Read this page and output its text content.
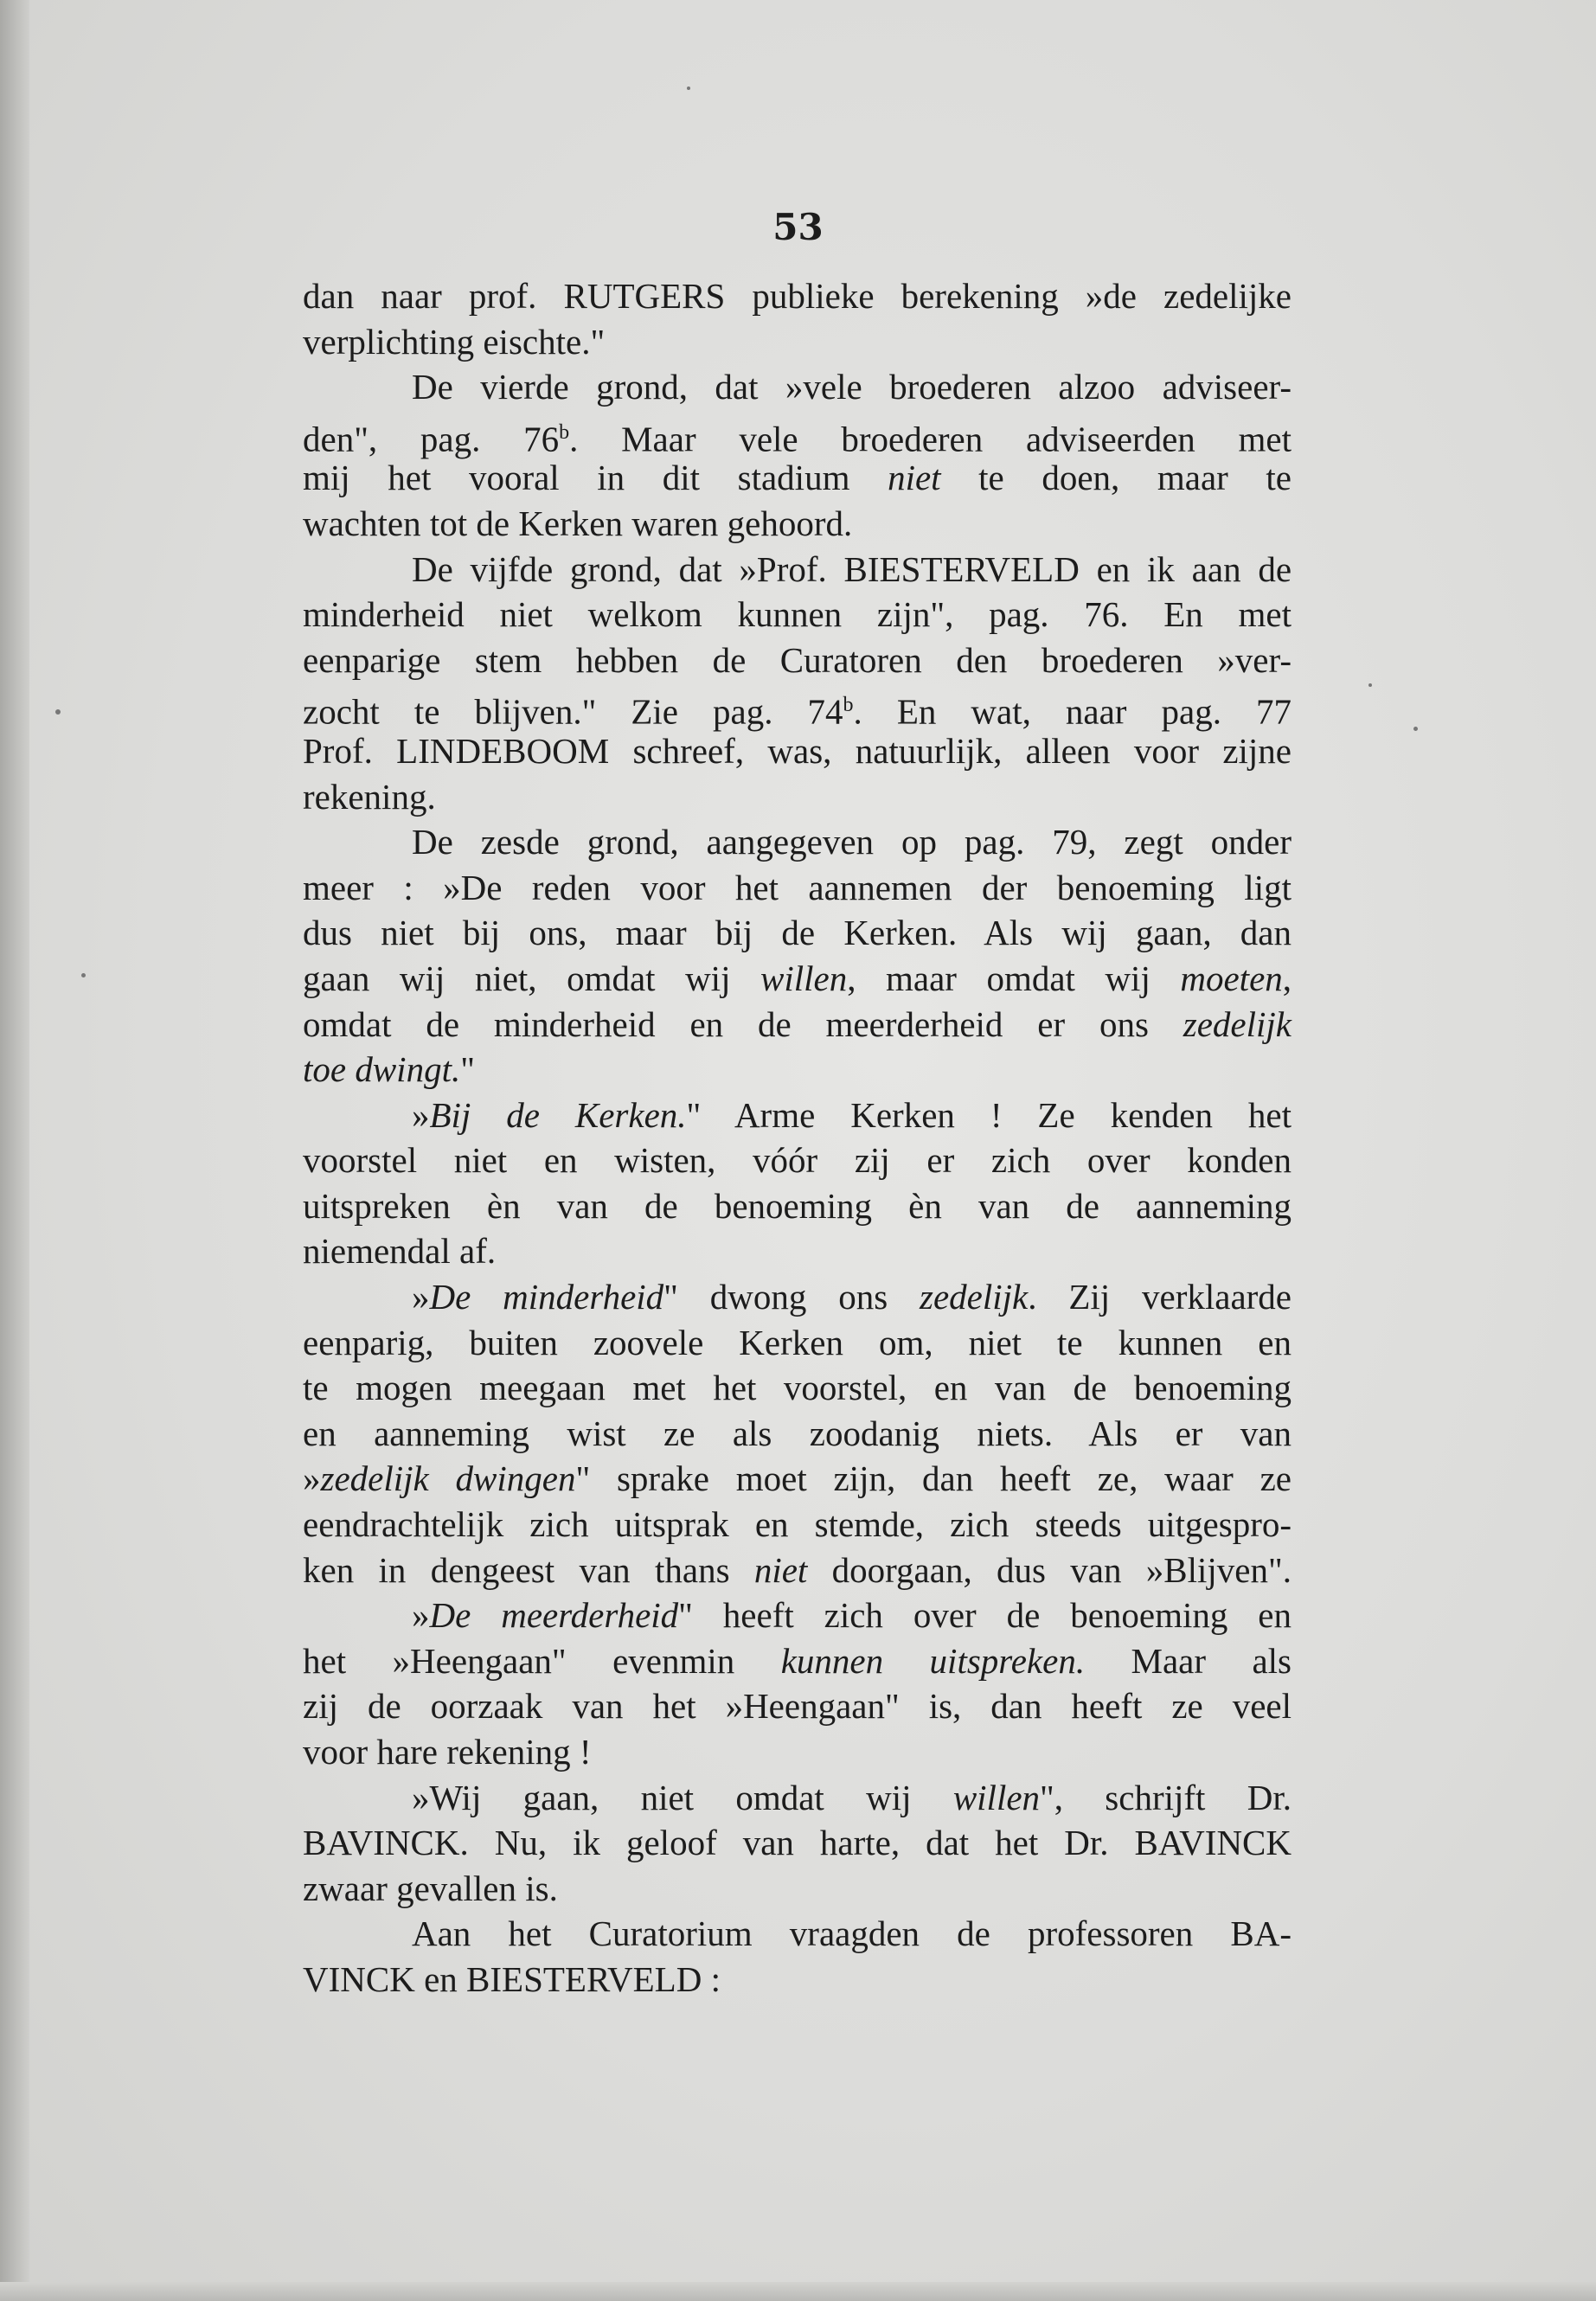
53
dan naar prof. RUTGERS publieke berekening »de zedelijke
verplichting eischte."
De vierde grond, dat »vele broederen alzoo adviseer-
den", pag. 76$^b$. Maar vele broederen adviseerden met
mij het vooral in dit stadium niet te doen, maar te
wachten tot de Kerken waren gehoord.
De vijfde grond, dat »Prof. BIESTERVELD en ik aan de
minderheid niet welkom kunnen zijn", pag. 76. En met
eenparige stem hebben de Curatoren den broederen »ver-
zocht te blijven." Zie pag. 74$^b$. En wat, naar pag. 77
Prof. LINDEBOOM schreef, was, natuurlijk, alleen voor zijne
rekening.
De zesde grond, aangegeven op pag. 79, zegt onder
meer : »De reden voor het aannemen der benoeming ligt
dus niet bij ons, maar bij de Kerken. Als wij gaan, dan
gaan wij niet, omdat wij willen, maar omdat wij moeten,
omdat de minderheid en de meerderheid er ons zedelijk
toe dwingt."
»Bij de Kerken." Arme Kerken ! Ze kenden het
voorstel niet en wisten, vóór zij er zich over konden
uitspreken èn van de benoeming èn van de aanneming
niemendal af.
»De minderheid" dwong ons zedelijk. Zij verklaarde
eenparig, buiten zoovele Kerken om, niet te kunnen en
te mogen meegaan met het voorstel, en van de benoeming
en aanneming wist ze als zoodanig niets. Als er van
»zedelijk dwingen" sprake moet zijn, dan heeft ze, waar ze
eendrachtelijk zich uitsprak en stemde, zich steeds uitgespro-
ken in dengeest van thans niet doorgaan, dus van »Blijven".
»De meerderheid" heeft zich over de benoeming en
het »Heengaan" evenmin kunnen uitspreken. Maar als
zij de oorzaak van het »Heengaan" is, dan heeft ze veel
voor hare rekening !
»Wij gaan, niet omdat wij willen", schrijft Dr.
BAVINCK. Nu, ik geloof van harte, dat het Dr. BAVINCK
zwaar gevallen is.
Aan het Curatorium vraagden de professoren BA-
VINCK en BIESTERVELD :
